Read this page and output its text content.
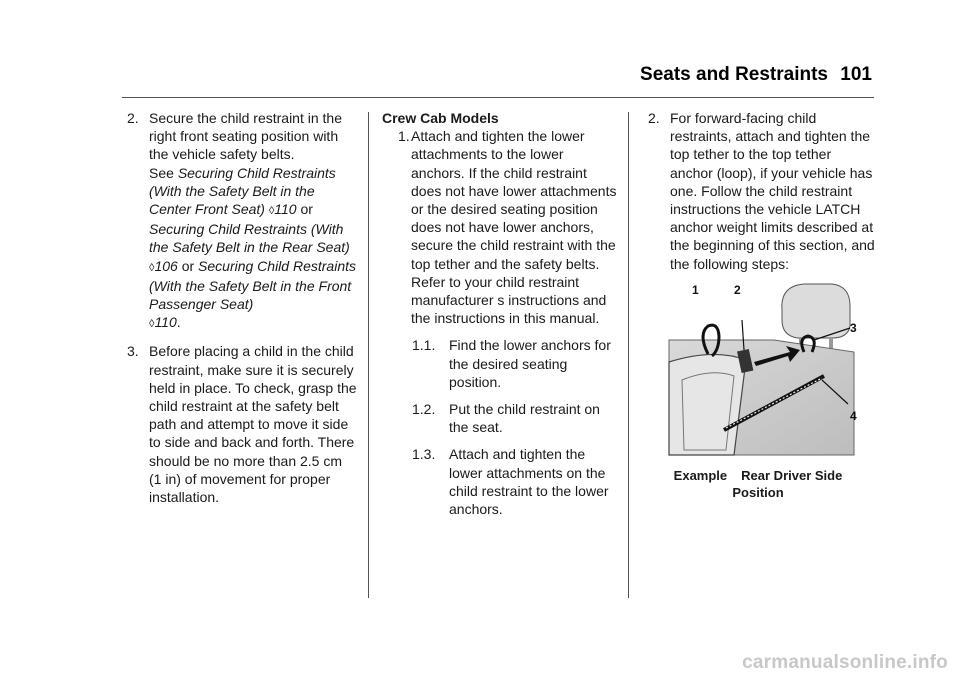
Seats and Restraints 101
2. Secure the child restraint in the right front seating position with the vehicle safety belts.
See Securing Child Restraints (With the Safety Belt in the Center Front Seat) ◊110 or Securing Child Restraints (With the Safety Belt in the Rear Seat) ◊106 or Securing Child Restraints (With the Safety Belt in the Front Passenger Seat)
◊110.

3. Before placing a child in the child restraint, make sure it is securely held in place. To check, grasp the child restraint at the safety belt path and attempt to move it side to side and back and forth. There should be no more than 2.5 cm (1 in) of movement for proper installation.

Crew Cab Models

1. Attach and tighten the lower attachments to the lower anchors. If the child restraint does not have lower attachments or the desired seating position does not have lower anchors, secure the child restraint with the top tether and the safety belts. Refer to your child restraint manufacturer s instructions and the instructions in this manual.

1.1. Find the lower anchors for the desired seating position.

1.2. Put the child restraint on the seat.

1.3. Attach and tighten the lower attachments on the child restraint to the lower anchors.

2. For forward-facing child restraints, attach and tighten the top tether to the top tether anchor (loop), if your vehicle has one. Follow the child restraint instructions the vehicle LATCH anchor weight limits described at the beginning of this section, and the following steps:

1	2
3
4
Example Rear Driver Side
Position
carmanualsonline.info
